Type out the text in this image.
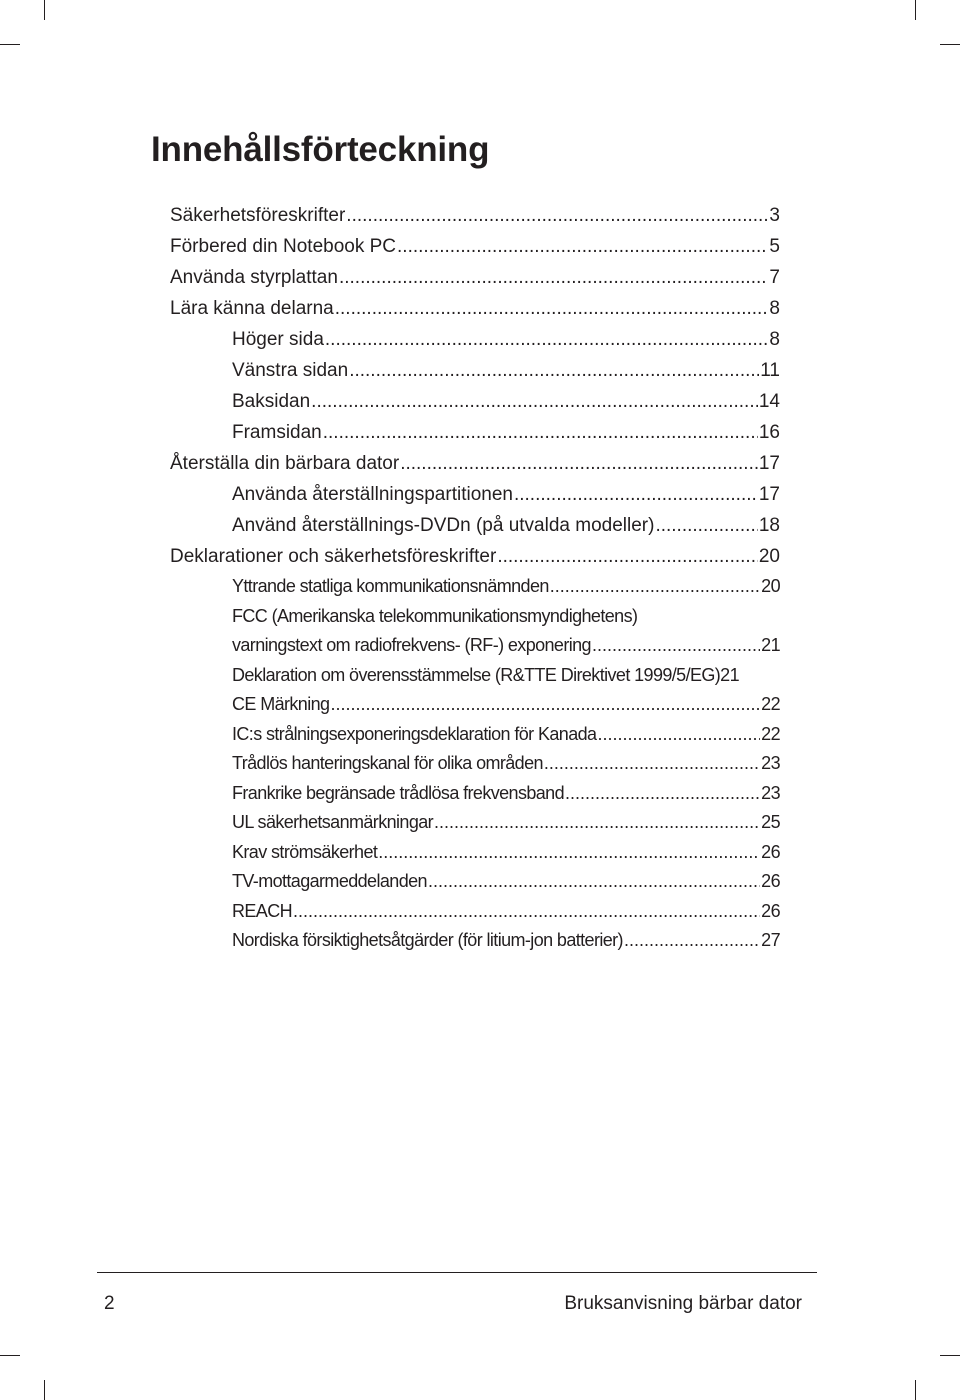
Innehållsförteckning
Säkerhetsföreskrifter .....	3
Förbered din Notebook PC .....	5
Använda styrplattan .....	7
Lära känna delarna .....	8
Höger sida .....	8
Vänstra sidan .....	11
Baksidan .....	14
Framsidan .....	16
Återställa din bärbara dator .....	17
Använda återställningspartitionen .....	17
Använd återställnings-DVDn (på utvalda modeller) .....	18
Deklarationer och säkerhetsföreskrifter .....	20
Yttrande statliga kommunikationsnämnden .....	20
FCC (Amerikanska telekommunikationsmyndighetens)
varningstext om radiofrekvens- (RF-) exponering .....	21
Deklaration om överensstämmelse (R&TTE Direktivet 1999/5/EG)21
CE Märkning .....	22
IC:s strålningsexponeringsdeklaration för Kanada .....	22
Trådlös hanteringskanal för olika områden .....	23
Frankrike begränsade trådlösa frekvensband .....	23
UL säkerhetsanmärkningar .....	25
Krav strömsäkerhet .....	26
TV-mottagarmeddelanden .....	26
REACH .....	26
Nordiska försiktighetsåtgärder (för litium-jon batterier) .....	27
2	Bruksanvisning bärbar dator
